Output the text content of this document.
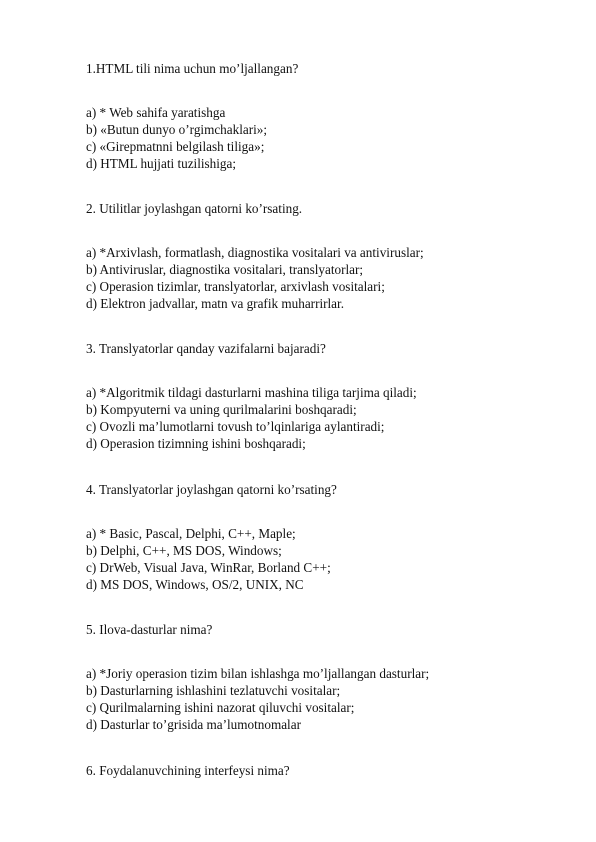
1.HTML tili nima uchun mo’ljallangan?
a) * Web sahifa yaratishga
b) «Butun dunyo o’rgimchaklari»;
c) «Girepmatnni belgilash tiliga»;
d) HTML hujjati tuzilishiga;
2. Utilitlar joylashgan qatorni ko’rsating.
a) *Arxivlash, formatlash, diagnostika vositalari va antiviruslar;
b) Antiviruslar, diagnostika vositalari, translyatorlar;
c) Operasion tizimlar, translyatorlar, arxivlash vositalari;
d) Elektron jadvallar, matn va grafik muharrirlar.
3. Translyatorlar qanday vazifalarni bajaradi?
a) *Algoritmik tildagi dasturlarni mashina tiliga tarjima qiladi;
b) Kompyuterni va uning qurilmalarini boshqaradi;
c) Ovozli ma’lumotlarni tovush to’lqinlariga aylantiradi;
d) Operasion tizimning ishini boshqaradi;
4. Translyatorlar joylashgan qatorni ko’rsating?
a) * Basic, Pascal, Delphi, C++, Maple;
b) Delphi, C++, MS DOS, Windows;
c) DrWeb, Visual Java, WinRar, Borland C++;
d) MS DOS, Windows, OS/2, UNIX, NC
5. Ilova-dasturlar nima?
a) *Joriy operasion tizim bilan ishlashga mo’ljallangan dasturlar;
b) Dasturlarning ishlashini tezlatuvchi vositalar;
c) Qurilmalarning ishini nazorat qiluvchi vositalar;
d) Dasturlar to’grisida ma’lumotnomalar
6. Foydalanuvchining interfeysi nima?
